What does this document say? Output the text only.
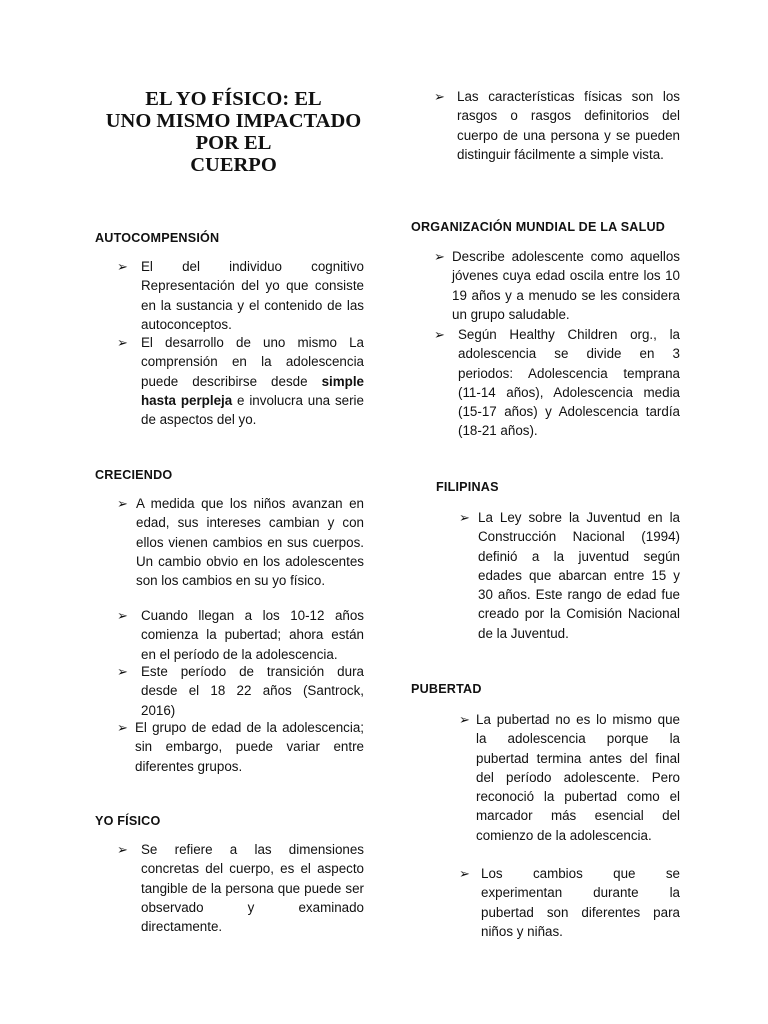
EL YO FÍSICO: EL
UNO MISMO IMPACTADO
POR EL
CUERPO
AUTOCOMPENSIÓN
➢ El del individuo cognitivo Representación del yo que consiste en la sustancia y el contenido de las autoconceptos.
➢ El desarrollo de uno mismo La comprensión en la adolescencia puede describirse desde simple hasta perpleja e involucra una serie de aspectos del yo.
CRECIENDO
➢ A medida que los niños avanzan en edad, sus intereses cambian y con ellos vienen cambios en sus cuerpos. Un cambio obvio en los adolescentes son los cambios en su yo físico.
➢ Cuando llegan a los 10-12 años comienza la pubertad; ahora están en el período de la adolescencia.
➢ Este período de transición dura desde el 18 22 años (Santrock, 2016)
➢ El grupo de edad de la adolescencia; sin embargo, puede variar entre diferentes grupos.
YO FÍSICO
➢ Se refiere a las dimensiones concretas del cuerpo, es el aspecto tangible de la persona que puede ser observado y examinado directamente.
➢ Las características físicas son los rasgos o rasgos definitorios del cuerpo de una persona y se pueden distinguir fácilmente a simple vista.
ORGANIZACIÓN MUNDIAL DE LA SALUD
➢ Describe adolescente como aquellos jóvenes cuya edad oscila entre los 10 19 años y a menudo se les considera un grupo saludable.
➢ Según Healthy Children org., la adolescencia se divide en 3 periodos: Adolescencia temprana (11-14 años), Adolescencia media (15-17 años) y Adolescencia tardía (18-21 años).
FILIPINAS
➢ La Ley sobre la Juventud en la Construcción Nacional (1994) definió a la juventud según edades que abarcan entre 15 y 30 años. Este rango de edad fue creado por la Comisión Nacional de la Juventud.
PUBERTAD
➢ La pubertad no es lo mismo que la adolescencia porque la pubertad termina antes del final del período adolescente. Pero reconoció la pubertad como el marcador más esencial del comienzo de la adolescencia.
➢ Los cambios que se experimentan durante la pubertad son diferentes para niños y niñas.
